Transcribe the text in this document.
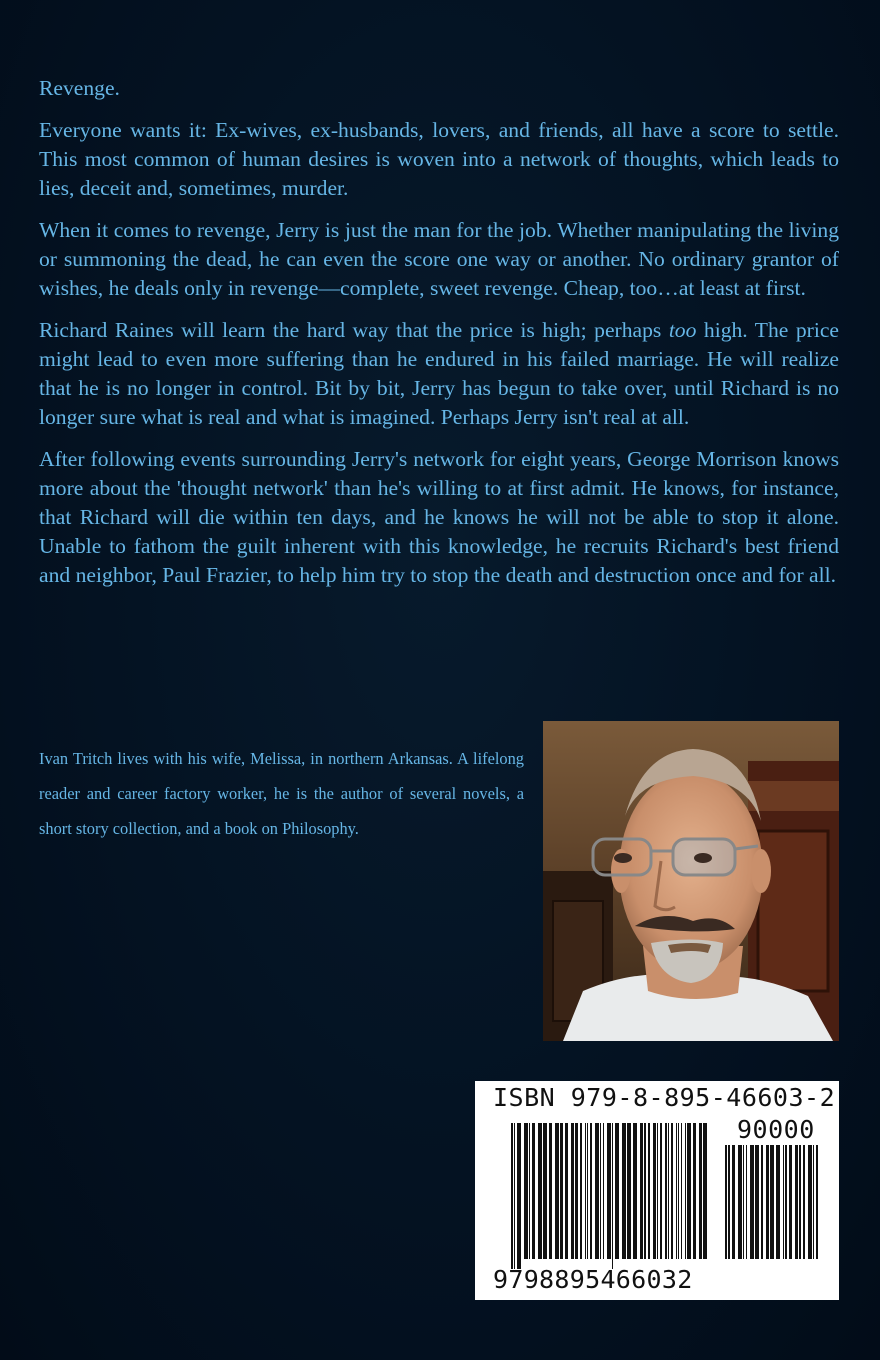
Revenge.

Everyone wants it: Ex-wives, ex-husbands, lovers, and friends, all have a score to settle. This most common of human desires is woven into a network of thoughts, which leads to lies, deceit and, sometimes, murder.

When it comes to revenge, Jerry is just the man for the job. Whether manipulating the living or summoning the dead, he can even the score one way or another. No ordinary grantor of wishes, he deals only in revenge—complete, sweet revenge. Cheap, too…at least at first.

Richard Raines will learn the hard way that the price is high; perhaps too high. The price might lead to even more suffering than he endured in his failed marriage. He will realize that he is no longer in control. Bit by bit, Jerry has begun to take over, until Richard is no longer sure what is real and what is imagined. Perhaps Jerry isn't real at all.

After following events surrounding Jerry's network for eight years, George Morrison knows more about the 'thought network' than he's willing to at first admit. He knows, for instance, that Richard will die within ten days, and he knows he will not be able to stop it alone. Unable to fathom the guilt inherent with this knowledge, he recruits Richard's best friend and neighbor, Paul Frazier, to help him try to stop the death and destruction once and for all.

Ivan Tritch lives with his wife, Melissa, in northern Arkansas. A lifelong reader and career factory worker, he is the author of several novels, a short story collection, and a book on Philosophy.
ISBN 979-8-895-46603-2
90000
9798895466032
